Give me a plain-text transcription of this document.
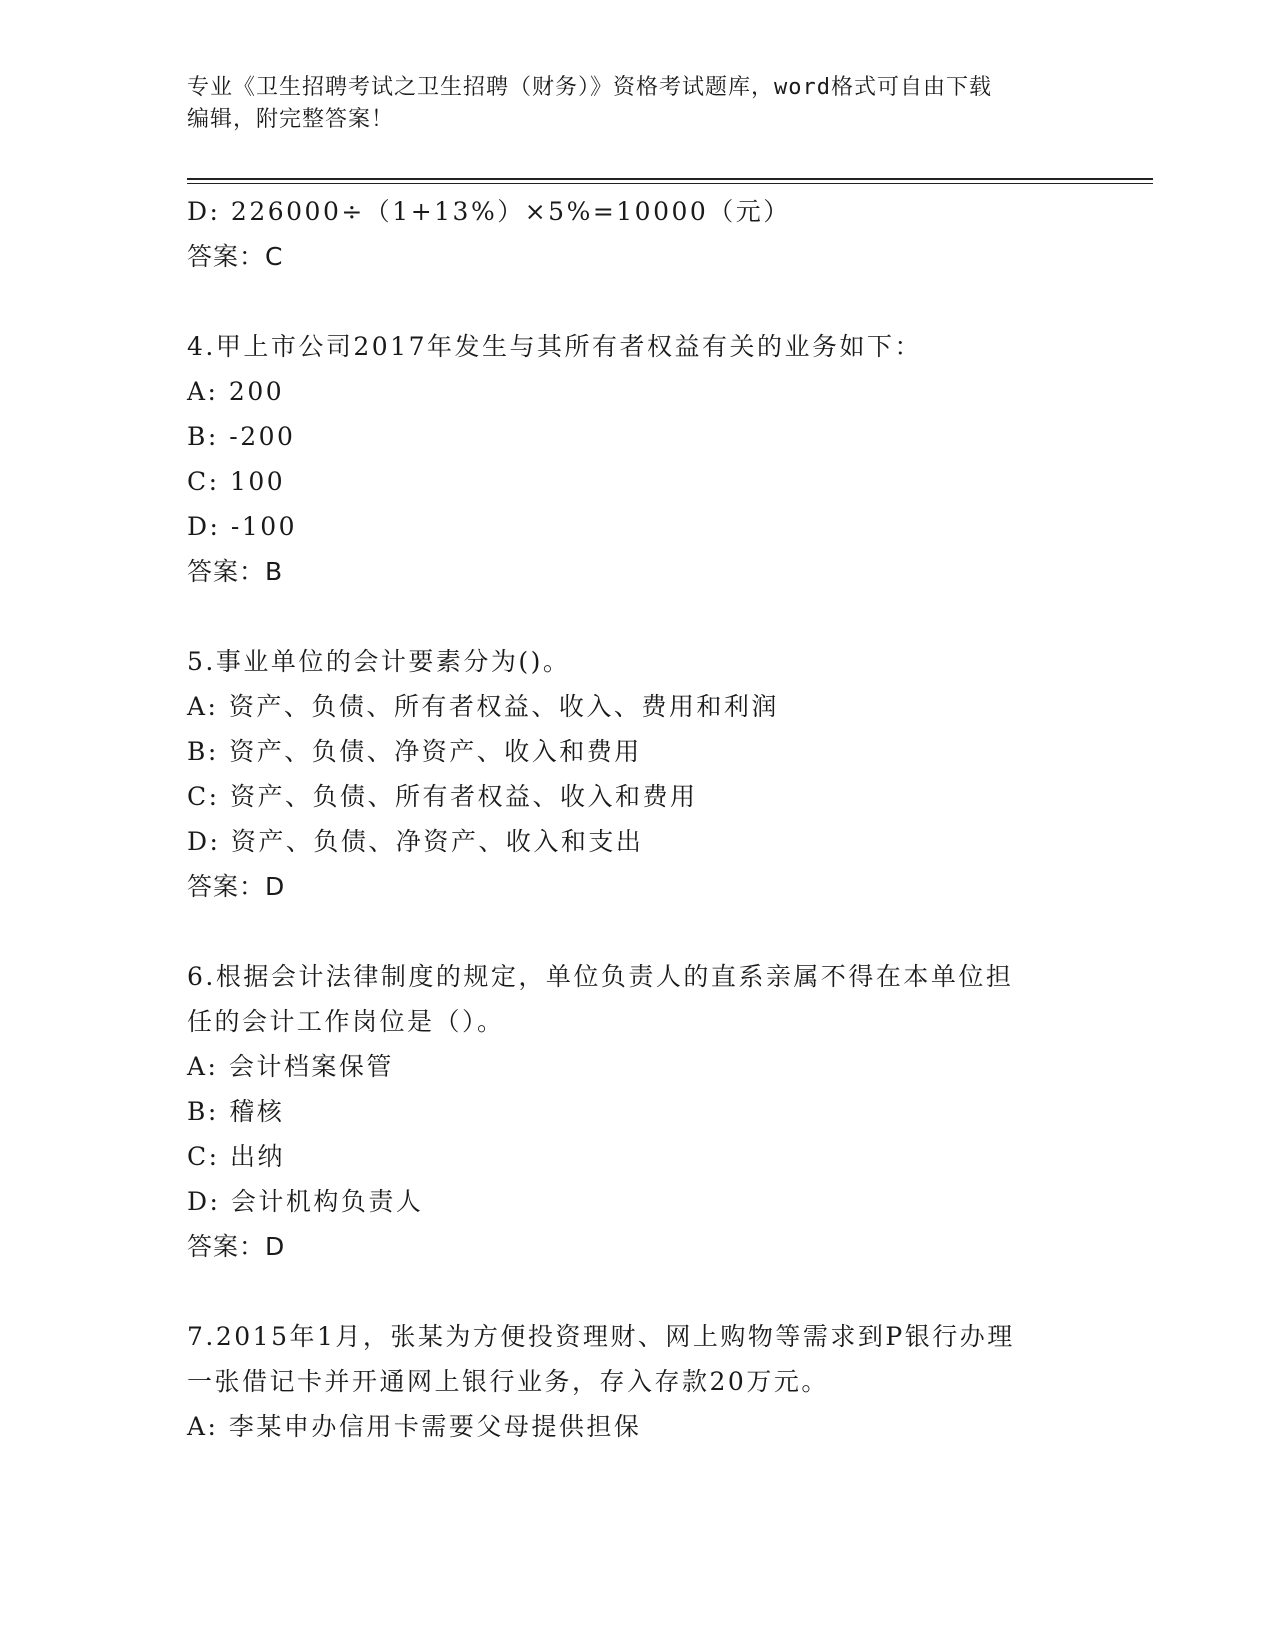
专业《卫生招聘考试之卫生招聘（财务）》资格考试题库，word格式可自由下载
编辑，附完整答案！
D: 226000÷（1+13%）×5%=10000（元）
答案：C
4.甲上市公司2017年发生与其所有者权益有关的业务如下：
A: 200
B: -200
C: 100
D: -100
答案：B
5.事业单位的会计要素分为()。
A: 资产、负债、所有者权益、收入、费用和利润
B: 资产、负债、净资产、收入和费用
C: 资产、负债、所有者权益、收入和费用
D: 资产、负债、净资产、收入和支出
答案：D
6.根据会计法律制度的规定，单位负责人的直系亲属不得在本单位担
任的会计工作岗位是（）。
A: 会计档案保管
B: 稽核
C: 出纳
D: 会计机构负责人
答案：D
7.2015年1月，张某为方便投资理财、网上购物等需求到P银行办理
一张借记卡并开通网上银行业务，存入存款20万元。
A: 李某申办信用卡需要父母提供担保
